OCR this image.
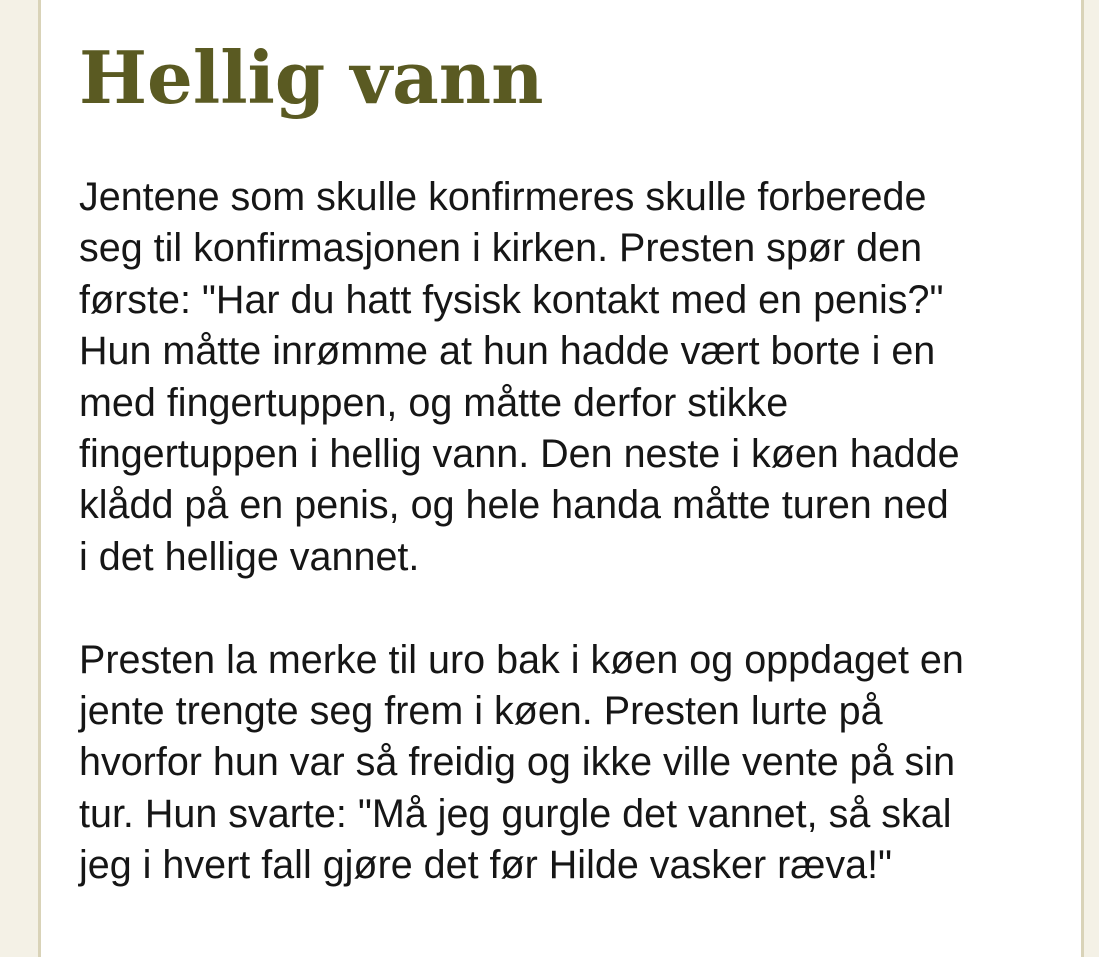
Hellig vann

Jentene som skulle konfirmeres skulle forberede
seg til konfirmasjonen i kirken. Presten spør den
første: "Har du hatt fysisk kontakt med en penis?"
Hun måtte inrømme at hun hadde vært borte i en
med fingertuppen, og måtte derfor stikke
fingertuppen i hellig vann. Den neste i køen hadde
klådd på en penis, og hele handa måtte turen ned
i det hellige vannet.

Presten la merke til uro bak i køen og oppdaget en
jente trengte seg frem i køen. Presten lurte på
hvorfor hun var så freidig og ikke ville vente på sin
tur. Hun svarte: "Må jeg gurgle det vannet, så skal
jeg i hvert fall gjøre det før Hilde vasker ræva!"
